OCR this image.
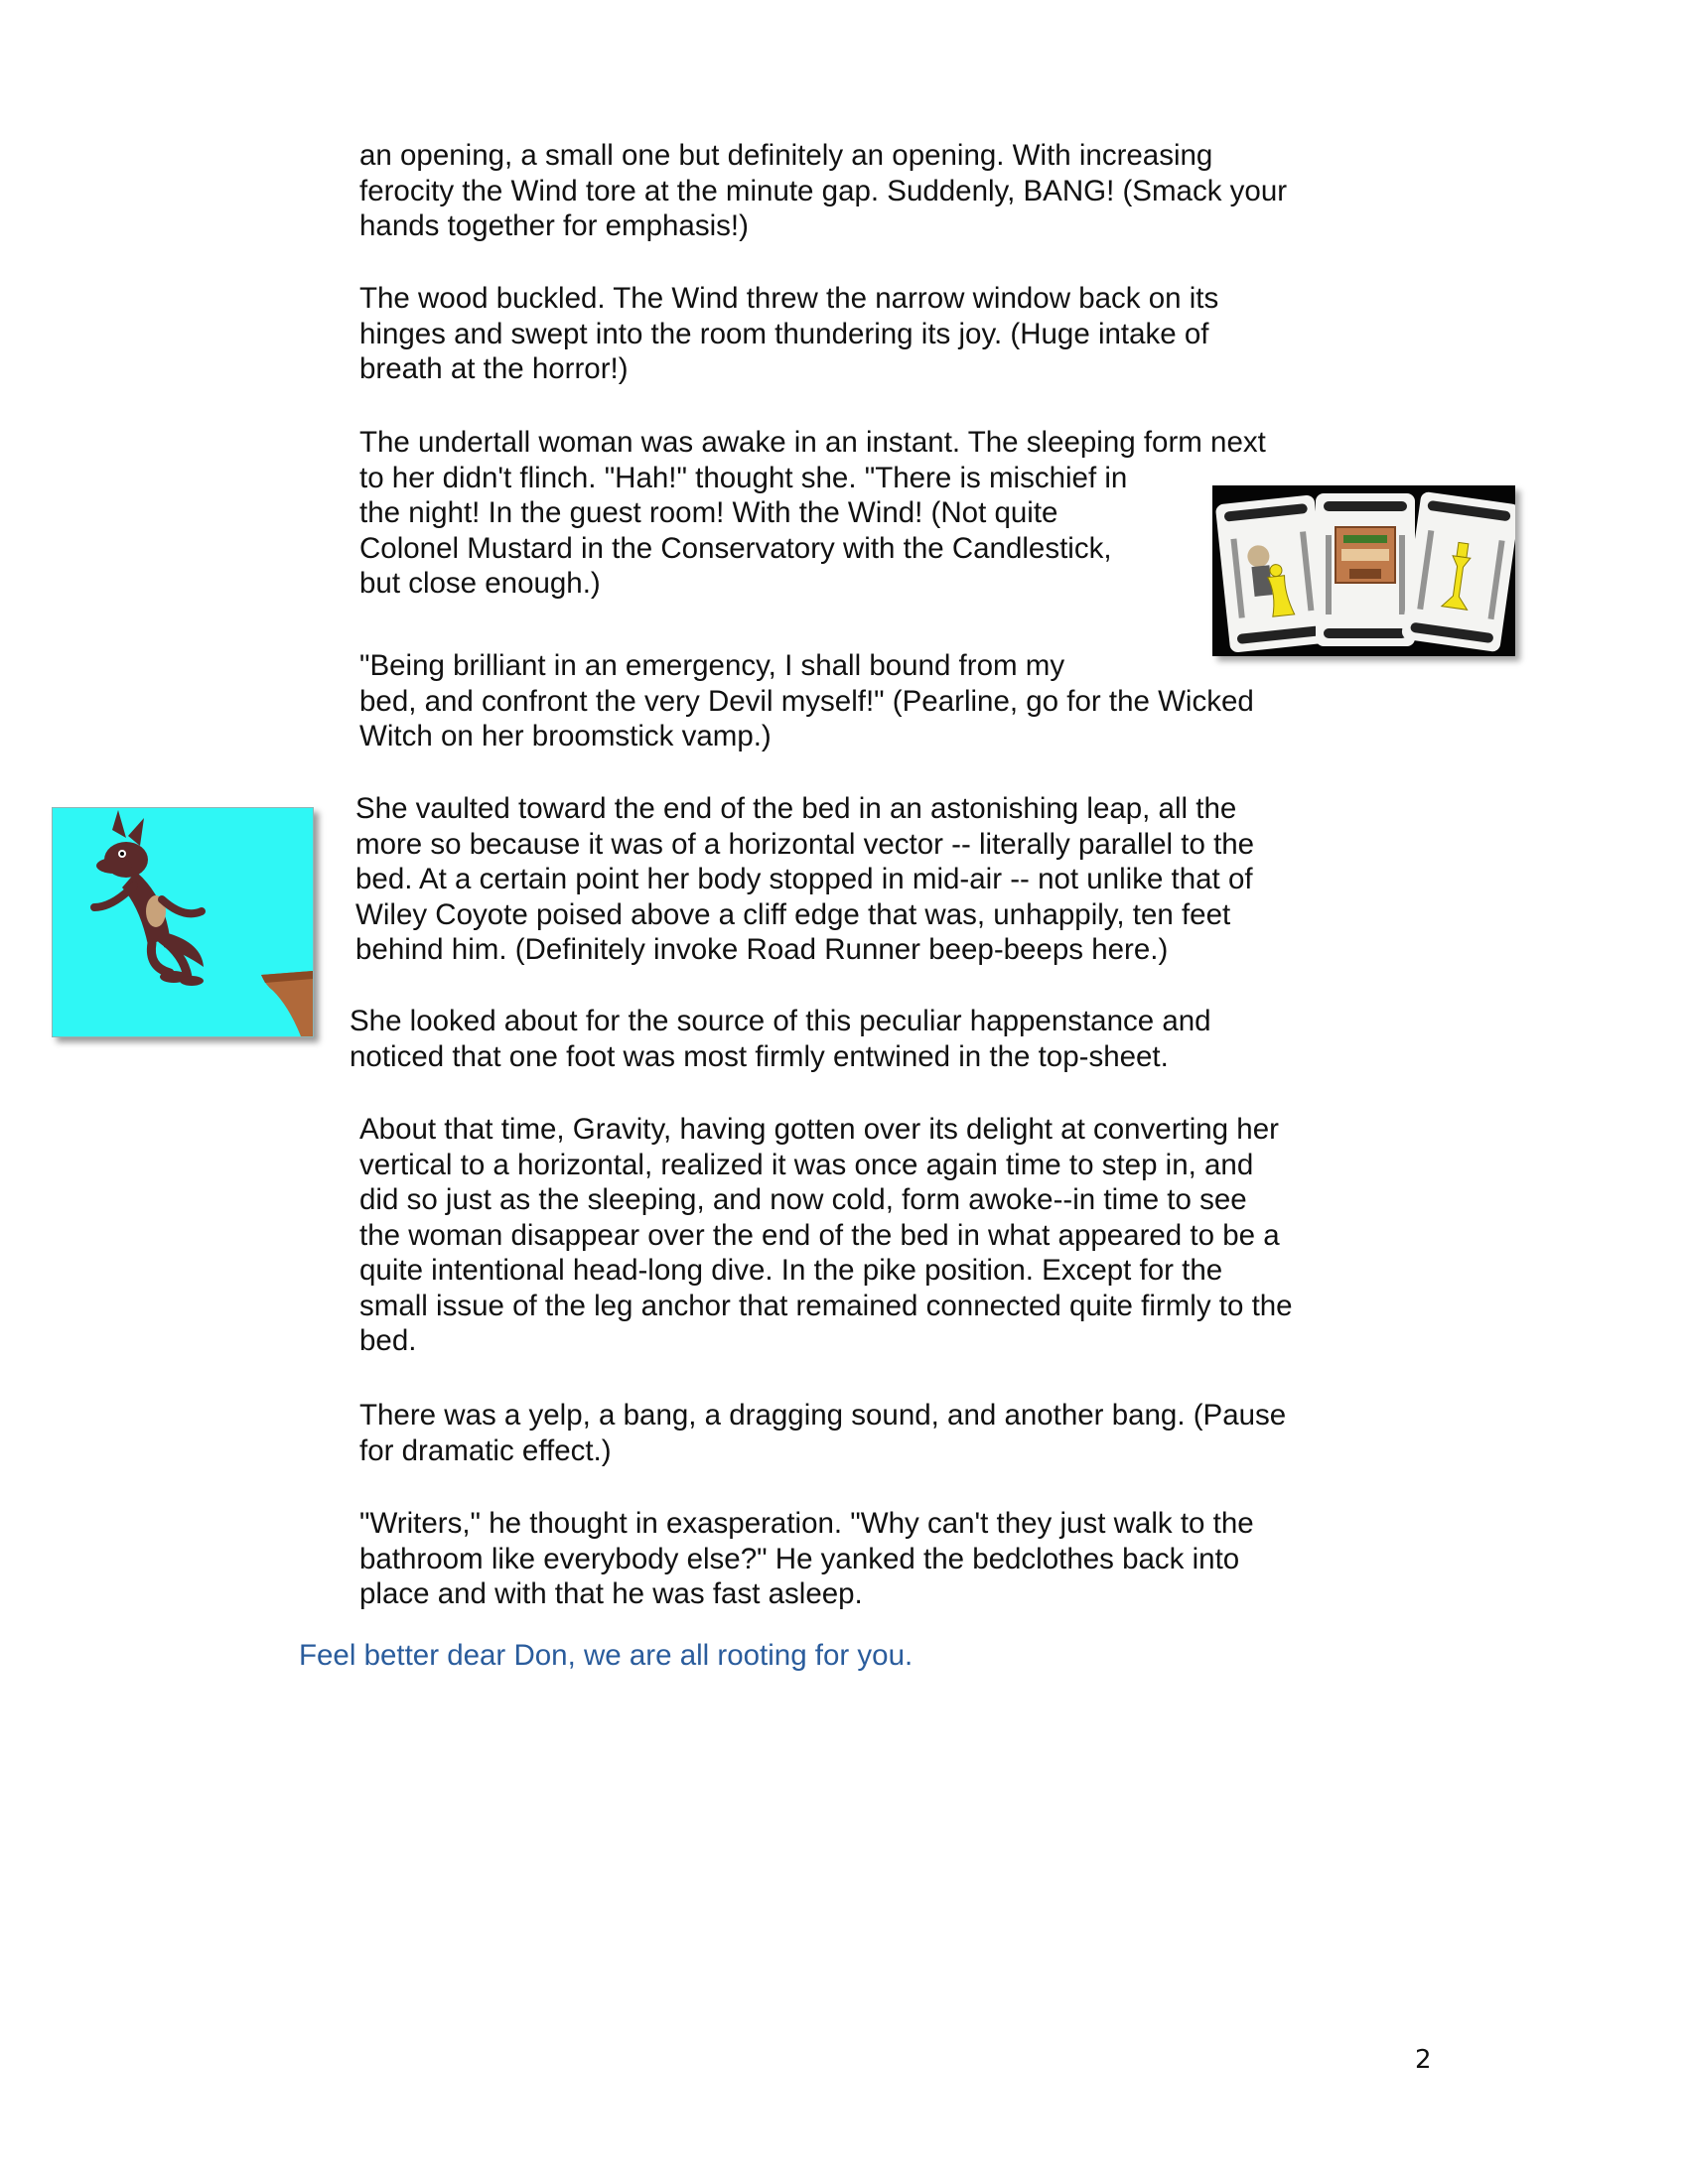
an opening, a small one but definitely an opening. With increasing
ferocity the Wind tore at the minute gap. Suddenly, BANG! (Smack your
hands together for emphasis!)

The wood buckled. The Wind threw the narrow window back on its
hinges and swept into the room thundering its joy. (Huge intake of
breath at the horror!)

The undertall woman was awake in an instant. The sleeping form next
to her didn't flinch. "Hah!" thought she. "There is mischief in
the night! In the guest room! With the Wind! (Not quite
Colonel Mustard in the Conservatory with the Candlestick,
but close enough.)

"Being brilliant in an emergency, I shall bound from my
bed, and confront the very Devil myself!" (Pearline, go for the Wicked
Witch on her broomstick vamp.)

She vaulted toward the end of the bed in an astonishing leap, all the
more so because it was of a horizontal vector -- literally parallel to the
bed. At a certain point her body stopped in mid-air -- not unlike that of
Wiley Coyote poised above a cliff edge that was, unhappily, ten feet
behind him. (Definitely invoke Road Runner beep-beeps here.)

She looked about for the source of this peculiar happenstance and
noticed that one foot was most firmly entwined in the top-sheet.

About that time, Gravity, having gotten over its delight at converting her
vertical to a horizontal, realized it was once again time to step in, and
did so just as the sleeping, and now cold, form awoke--in time to see
the woman disappear over the end of the bed in what appeared to be a
quite intentional head-long dive. In the pike position. Except for the
small issue of the leg anchor that remained connected quite firmly to the
bed.

There was a yelp, a bang, a dragging sound, and another bang. (Pause
for dramatic effect.)

"Writers," he thought in exasperation. "Why can't they just walk to the
bathroom like everybody else?" He yanked the bedclothes back into
place and with that he was fast asleep.

Feel better dear Don, we are all rooting for you.

2
